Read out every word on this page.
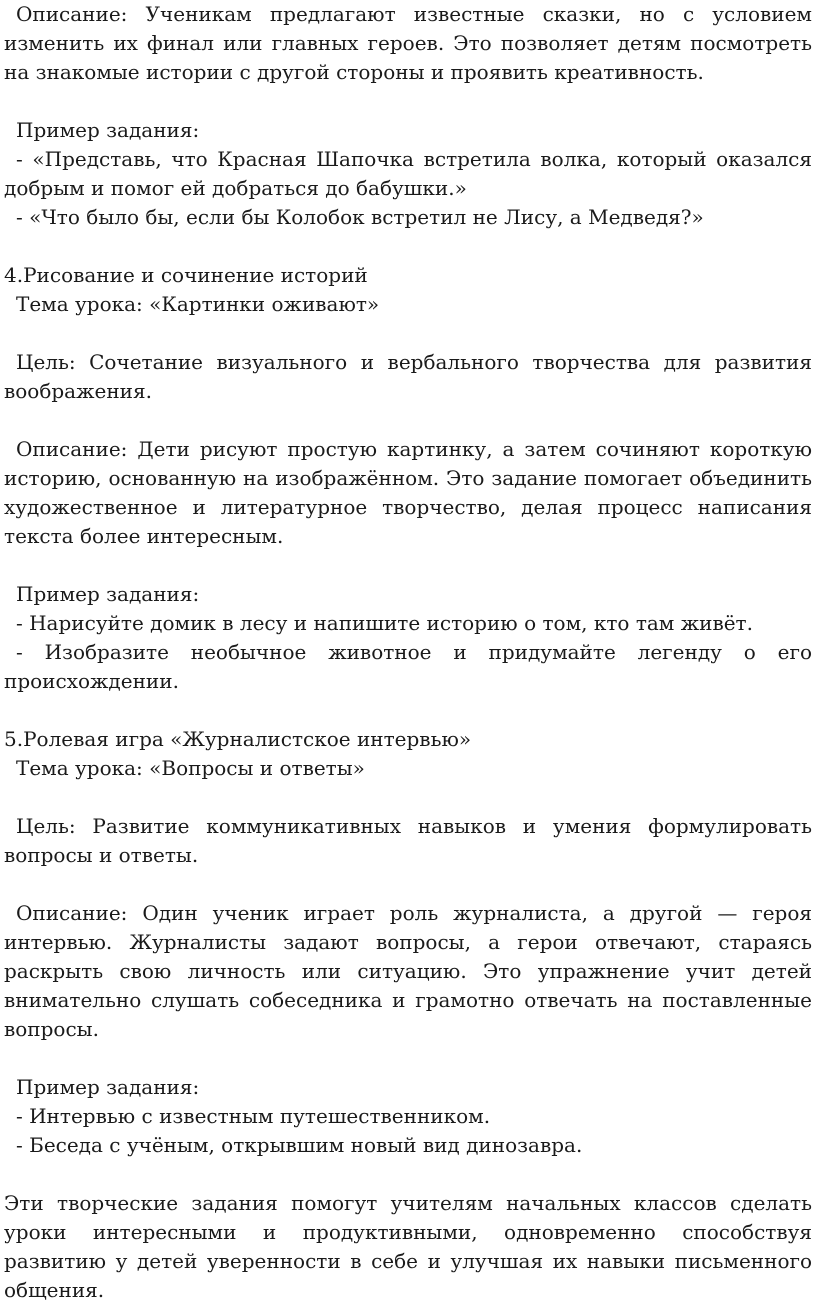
Описание: Ученикам предлагают известные сказки, но с условием изменить их финал или главных героев. Это позволяет детям посмотреть на знакомые истории с другой стороны и проявить креативность.

Пример задания:

- «Представь, что Красная Шапочка встретила волка, который оказался добрым и помог ей добраться до бабушки.»

- «Что было бы, если бы Колобок встретил не Лису, а Медведя?»

4.Рисование и сочинение историй

Тема урока: «Картинки оживают»

Цель: Сочетание визуального и вербального творчества для развития воображения.

Описание: Дети рисуют простую картинку, а затем сочиняют короткую историю, основанную на изображённом. Это задание помогает объединить художественное и литературное творчество, делая процесс написания текста более интересным.

Пример задания:

- Нарисуйте домик в лесу и напишите историю о том, кто там живёт.

- Изобразите необычное животное и придумайте легенду о его происхождении.

5.Ролевая игра «Журналистское интервью»

Тема урока: «Вопросы и ответы»

Цель: Развитие коммуникативных навыков и умения формулировать вопросы и ответы.

Описание: Один ученик играет роль журналиста, а другой — героя интервью. Журналисты задают вопросы, а герои отвечают, стараясь раскрыть свою личность или ситуацию. Это упражнение учит детей внимательно слушать собеседника и грамотно отвечать на поставленные вопросы.

Пример задания:

- Интервью с известным путешественником.

- Беседа с учёным, открывшим новый вид динозавра.

Эти творческие задания помогут учителям начальных классов сделать уроки интересными и продуктивными, одновременно способствуя развитию у детей уверенности в себе и улучшая их навыки письменного общения.
